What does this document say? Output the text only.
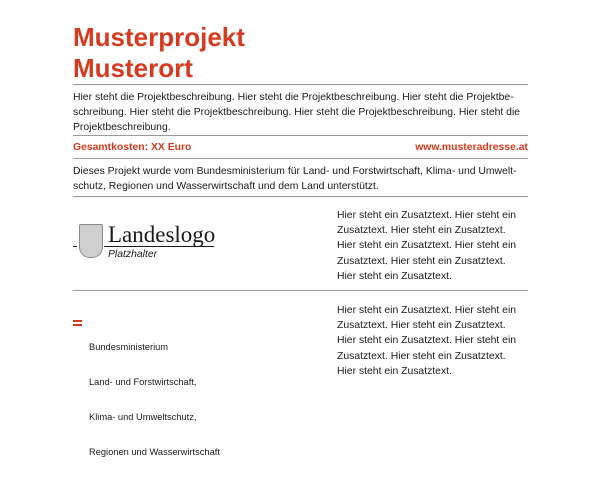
Musterprojekt
Musterort
Hier steht die Projektbeschreibung. Hier steht die Projektbeschreibung. Hier steht die Projektbe-
schreibung. Hier steht die Projektbeschreibung. Hier steht die Projektbeschreibung. Hier steht die
Projektbeschreibung.
Gesamtkosten: XX Euro	www.musteradresse.at
Dieses Projekt wurde vom Bundesministerium für Land- und Forstwirtschaft, Klima- und Umwelt-
schutz, Regionen und Wasserwirtschaft und dem Land unterstützt.
Landeslogo
Platzhalter
Hier steht ein Zusatztext. Hier steht ein
Zusatztext. Hier steht ein Zusatztext.
Hier steht ein Zusatztext. Hier steht ein
Zusatztext. Hier steht ein Zusatztext.
Hier steht ein Zusatztext.

Bundesministerium

Land- und Forstwirtschaft,

Klima- und Umweltschutz,

Regionen und Wasserwirtschaft

Hier steht ein Zusatztext. Hier steht ein
Zusatztext. Hier steht ein Zusatztext.
Hier steht ein Zusatztext. Hier steht ein
Zusatztext. Hier steht ein Zusatztext.
Hier steht ein Zusatztext.
